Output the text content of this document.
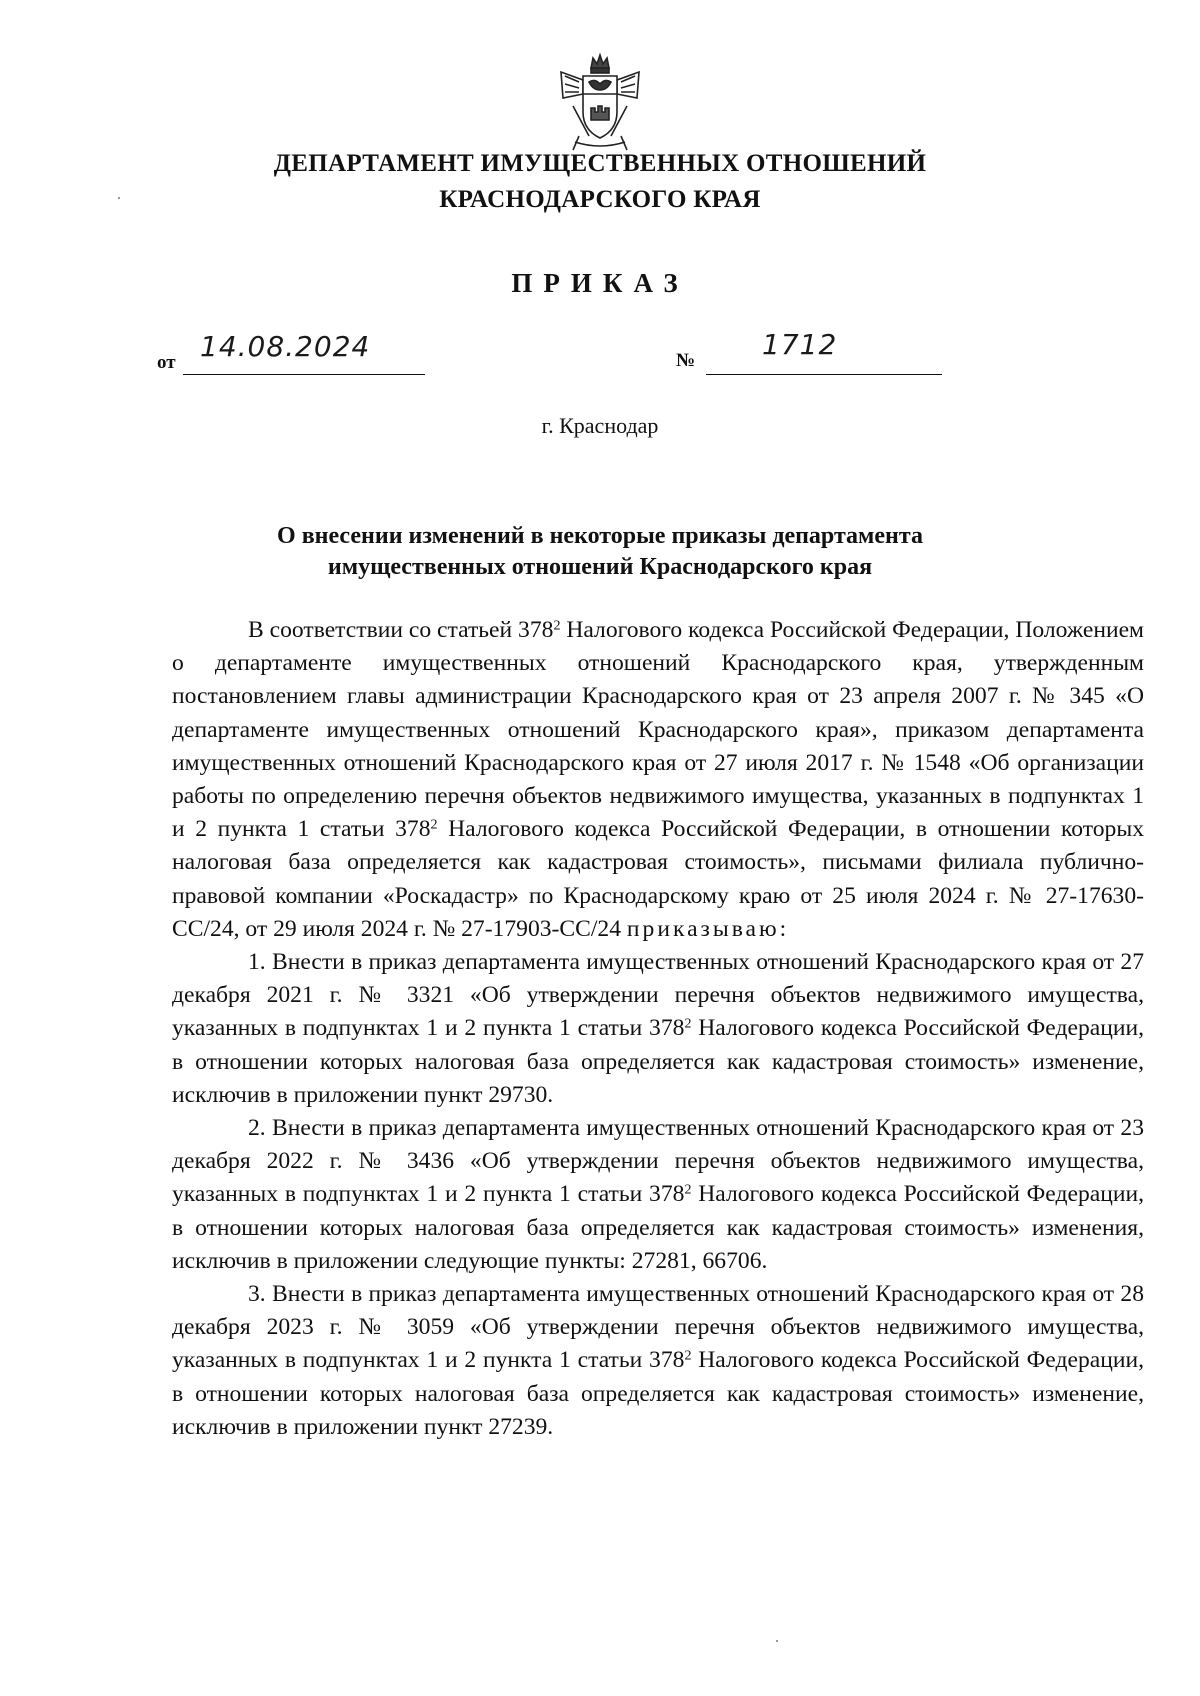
ДЕПАРТАМЕНТ ИМУЩЕСТВЕННЫХ ОТНОШЕНИЙ
КРАСНОДАРСКОГО КРАЯ
ПРИКАЗ
от 14.08.2024	№ 1712
г. Краснодар
О внесении изменений в некоторые приказы департамента
имущественных отношений Краснодарского края

В соответствии со статьей $378^2$ Налогового кодекса Российской Федерации, Положением о департаменте имущественных отношений Краснодарского края, утвержденным постановлением главы администрации Краснодарского края от 23 апреля 2007 г. № 345 «О департаменте имущественных отношений Краснодарского края», приказом департамента имущественных отношений Краснодарского края от 27 июля 2017 г. № 1548 «Об организации работы по определению перечня объектов недвижимого имущества, указанных в подпунктах 1 и 2 пункта 1 статьи $378^2$ Налогового кодекса Российской Федерации, в отношении которых налоговая база определяется как кадастровая стоимость», письмами филиала публично-правовой компании «Роскадастр» по Краснодарскому краю от 25 июля 2024 г. № 27-17630-СС/24, от 29 июля 2024 г. № 27-17903-СС/24 приказываю:

1. Внести в приказ департамента имущественных отношений Краснодарского края от 27 декабря 2021 г. № 3321 «Об утверждении перечня объектов недвижимого имущества, указанных в подпунктах 1 и 2 пункта 1 статьи $378^2$ Налогового кодекса Российской Федерации, в отношении которых налоговая база определяется как кадастровая стоимость» изменение, исключив в приложении пункт 29730.

2. Внести в приказ департамента имущественных отношений Краснодарского края от 23 декабря 2022 г. № 3436 «Об утверждении перечня объектов недвижимого имущества, указанных в подпунктах 1 и 2 пункта 1 статьи $378^2$ Налогового кодекса Российской Федерации, в отношении которых налоговая база определяется как кадастровая стоимость» изменения, исключив в приложении следующие пункты: 27281, 66706.

3. Внести в приказ департамента имущественных отношений Краснодарского края от 28 декабря 2023 г. № 3059 «Об утверждении перечня объектов недвижимого имущества, указанных в подпунктах 1 и 2 пункта 1 статьи $378^2$ Налогового кодекса Российской Федерации, в отношении которых налоговая база определяется как кадастровая стоимость» изменение, исключив в приложении пункт 27239.
